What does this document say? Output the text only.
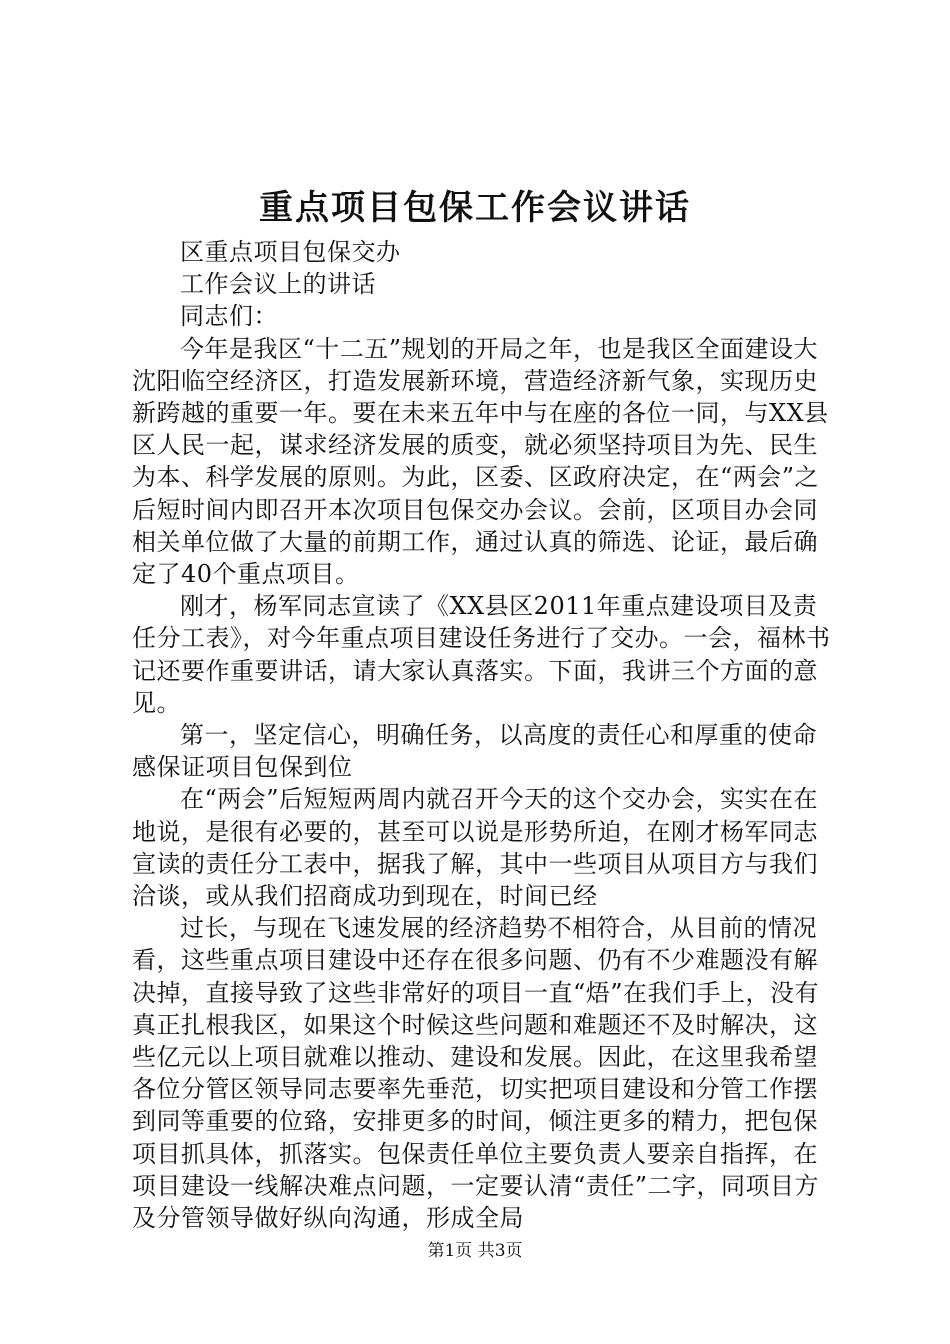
重点项目包保工作会议讲话

区重点项目包保交办

工作会议上的讲话

同志们：

今年是我区“十二五”规划的开局之年，也是我区全面建设大沈阳临空经济区，打造发展新环境，营造经济新气象，实现历史新跨越的重要一年。要在未来五年中与在座的各位一同，与XX县区人民一起，谋求经济发展的质变，就必须坚持项目为先、民生为本、科学发展的原则。为此，区委、区政府决定，在“两会”之后短时间内即召开本次项目包保交办会议。会前，区项目办会同相关单位做了大量的前期工作，通过认真的筛选、论证，最后确定了40个重点项目。

刚才，杨军同志宣读了《XX县区2011年重点建设项目及责任分工表》，对今年重点项目建设任务进行了交办。一会，福林书记还要作重要讲话，请大家认真落实。下面，我讲三个方面的意见。

第一，坚定信心，明确任务，以高度的责任心和厚重的使命感保证项目包保到位

在“两会”后短短两周内就召开今天的这个交办会，实实在在地说，是很有必要的，甚至可以说是形势所迫，在刚才杨军同志宣读的责任分工表中，据我了解，其中一些项目从项目方与我们洽谈，或从我们招商成功到现在，时间已经

过长，与现在飞速发展的经济趋势不相符合，从目前的情况看，这些重点项目建设中还存在很多问题、仍有不少难题没有解决掉，直接导致了这些非常好的项目一直“焐”在我们手上，没有真正扎根我区，如果这个时候这些问题和难题还不及时解决，这些亿元以上项目就难以推动、建设和发展。因此，在这里我希望各位分管区领导同志要率先垂范，切实把项目建设和分管工作摆到同等重要的位臵，安排更多的时间，倾注更多的精力，把包保项目抓具体，抓落实。包保责任单位主要负责人要亲自指挥，在项目建设一线解决难点问题，一定要认清“责任”二字，同项目方及分管领导做好纵向沟通，形成全局

第1页 共3页
